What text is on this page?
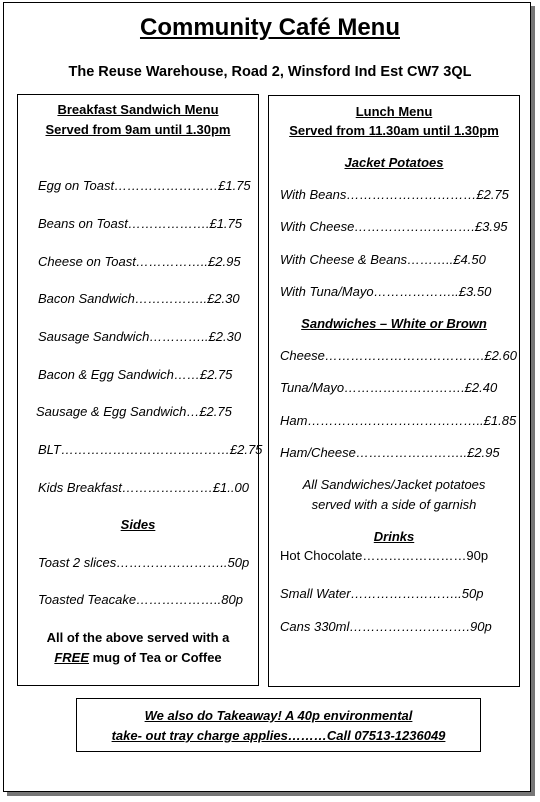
Community Café Menu
The Reuse Warehouse, Road 2, Winsford Ind Est CW7 3QL
Breakfast Sandwich Menu
Served from 9am until 1.30pm
Egg on Toast……………………£1.75
Beans on Toast……………….£1.75
Cheese on Toast……………..£2.95
Bacon Sandwich……………..£2.30
Sausage Sandwich…………..£2.30
Bacon & Egg Sandwich……£2.75
Sausage & Egg Sandwich…£2.75
BLT…………………………………£2.75
Kids Breakfast…………………£1..00
Sides
Toast 2 slices……………………..50p
Toasted Teacake………………..80p
All of the above served with a
FREE mug of Tea or Coffee
Lunch Menu
Served from 11.30am until 1.30pm
Jacket Potatoes
With Beans…………………………£2.75
With Cheese……………………….£3.95
With Cheese & Beans………..£4.50
With Tuna/Mayo………………..£3.50
Sandwiches – White or Brown
Cheese……………………………….£2.60
Tuna/Mayo……………………….£2.40
Ham…………………………………..£1.85
Ham/Cheese……………………..£2.95
All Sandwiches/Jacket potatoes
served with a side of garnish
Drinks
Hot Chocolate……………………90p
Small Water……………………..50p
Cans 330ml……………………….90p
We also do Takeaway! A 40p environmental
take- out tray charge applies………Call 07513-1236049
